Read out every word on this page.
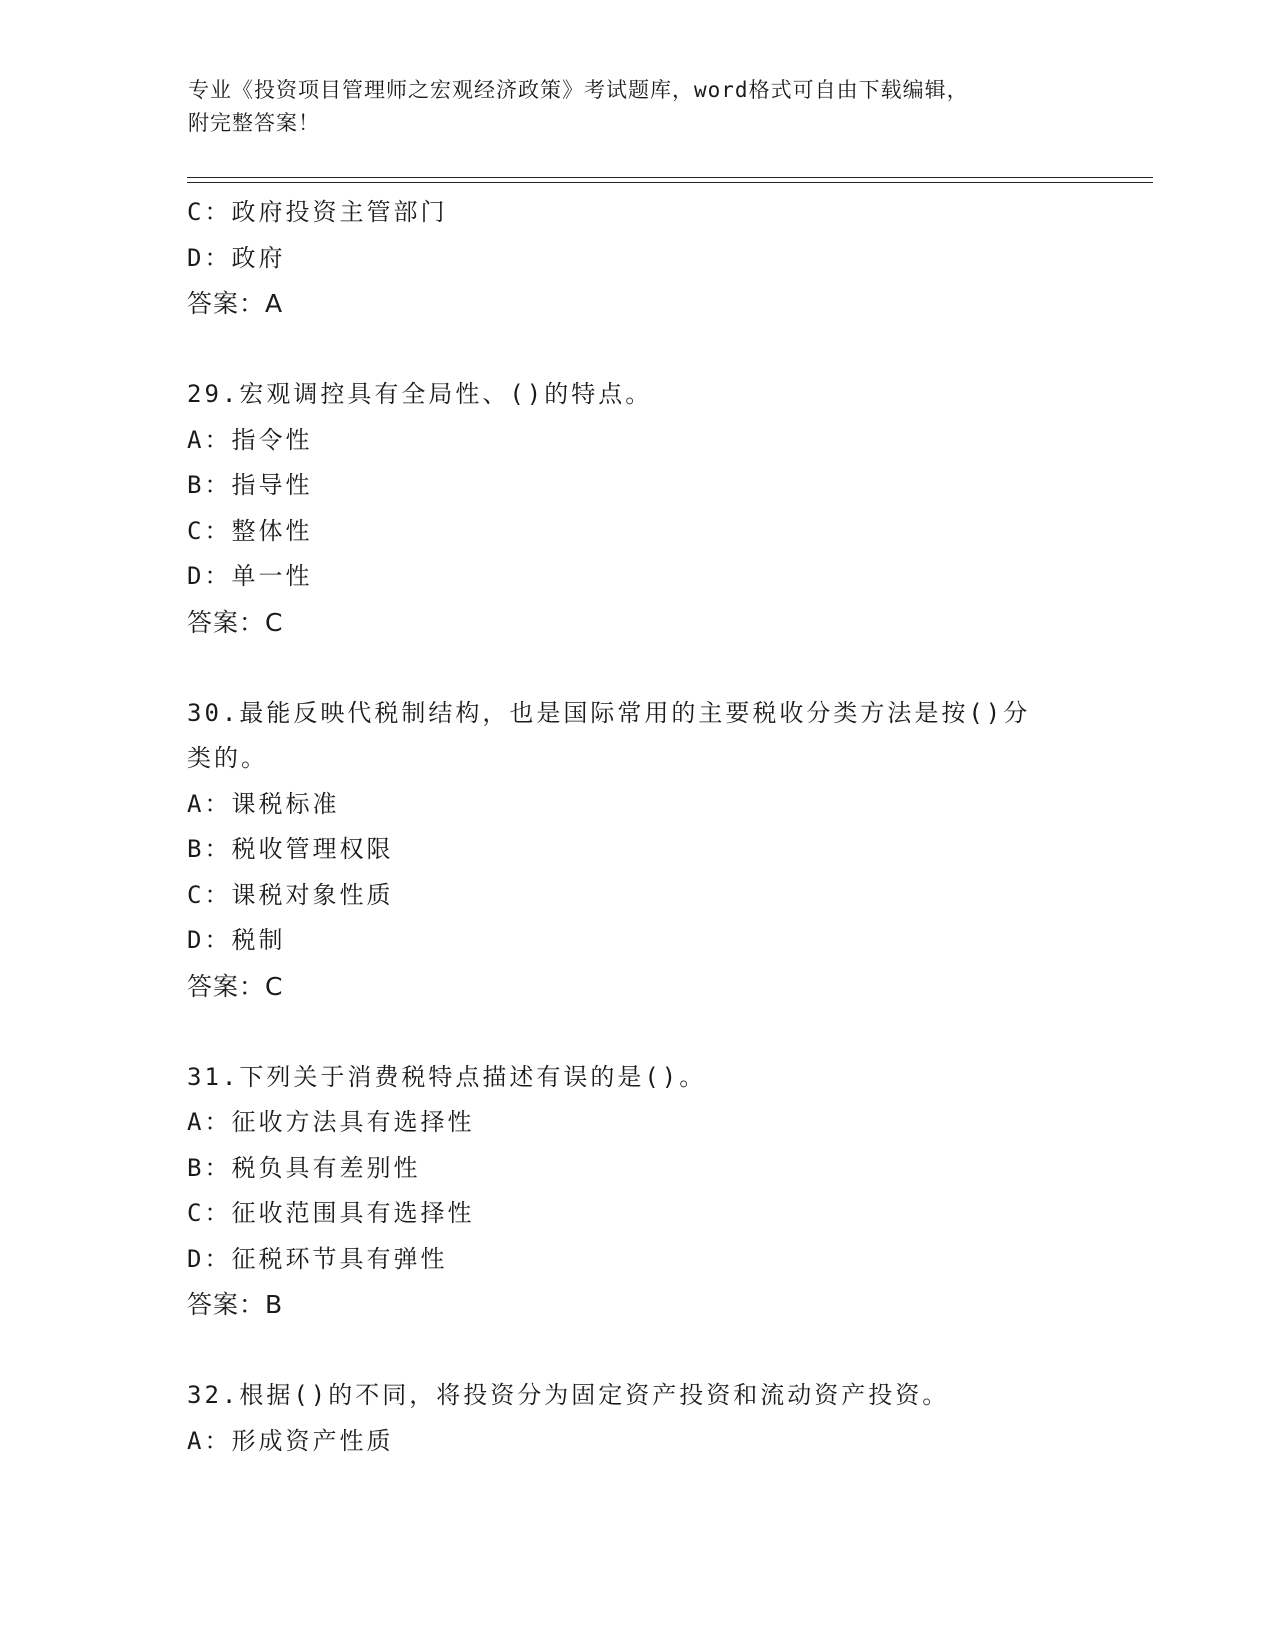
专业《投资项目管理师之宏观经济政策》考试题库，word格式可自由下载编辑，
附完整答案！
C：政府投资主管部门
D：政府
答案：A
29.宏观调控具有全局性、()的特点。
A：指令性
B：指导性
C：整体性
D：单一性
答案：C
30.最能反映代税制结构，也是国际常用的主要税收分类方法是按()分
类的。
A：课税标准
B：税收管理权限
C：课税对象性质
D：税制
答案：C
31.下列关于消费税特点描述有误的是()。
A：征收方法具有选择性
B：税负具有差别性
C：征收范围具有选择性
D：征税环节具有弹性
答案：B
32.根据()的不同，将投资分为固定资产投资和流动资产投资。
A：形成资产性质
